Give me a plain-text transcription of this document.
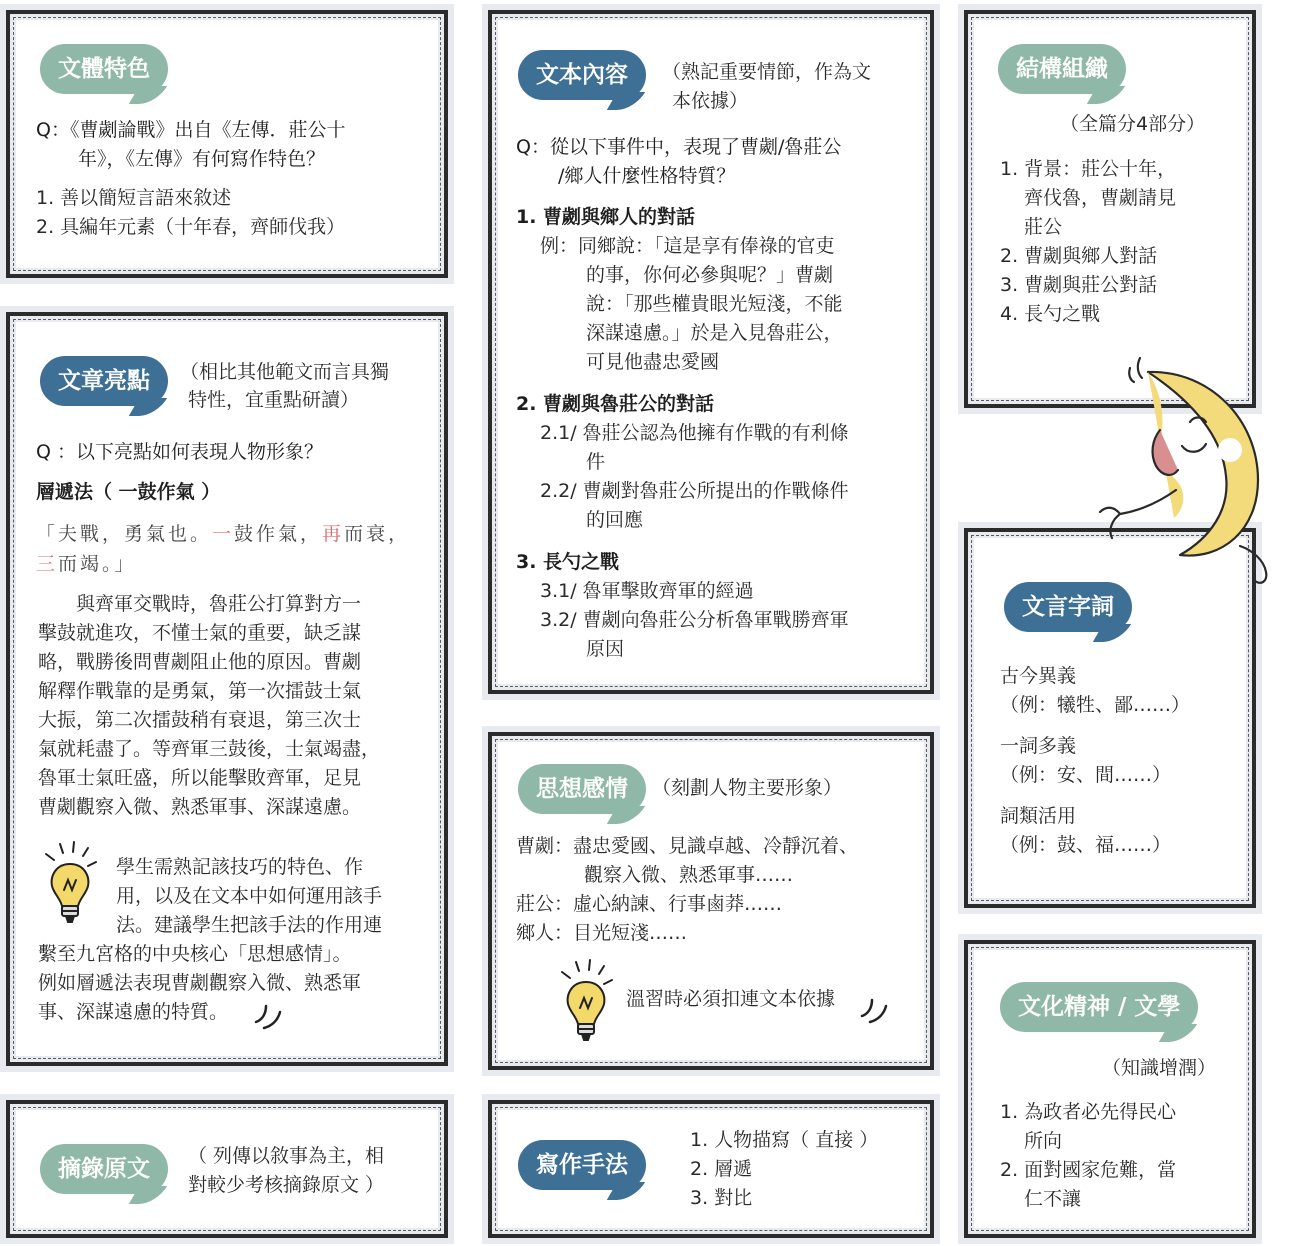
文體特色
Q：《曹劌論戰》出自《左傳．莊公十
年》，《左傳》有何寫作特色？
1. 善以簡短言語來敘述
2. 具編年元素（十年春，齊師伐我）
文章亮點	（相比其他範文而言具獨
特性，宜重點研讀）
Q ：以下亮點如何表現人物形象？
層遞法（ 一鼓作氣 ）
「夫戰，勇氣也。一鼓作氣，再而衰，
三而竭。」
與齊軍交戰時，魯莊公打算對方一
擊鼓就進攻，不懂士氣的重要，缺乏謀
略，戰勝後問曹劌阻止他的原因。曹劌
解釋作戰靠的是勇氣，第一次擂鼓士氣
大振，第二次擂鼓稍有衰退，第三次士
氣就耗盡了。等齊軍三鼓後，士氣竭盡，
魯軍士氣旺盛，所以能擊敗齊軍，足見
曹劌觀察入微、熟悉軍事、深謀遠慮。
學生需熟記該技巧的特色、作
用，以及在文本中如何運用該手
法。建議學生把該手法的作用連
繫至九宮格的中央核心「思想感情」。
例如層遞法表現曹劌觀察入微、熟悉軍
事、深謀遠慮的特質。
摘錄原文	（ 列傳以敘事為主，相
對較少考核摘錄原文 ）
文本內容	（熟記重要情節，作為文
本依據）
Q：從以下事件中，表現了曹劌/魯莊公
/鄉人什麼性格特質？
1. 曹劌與鄉人的對話
例：同鄉說：「這是享有俸祿的官吏
的事，你何必參與呢？」曹劌
說：「那些權貴眼光短淺，不能
深謀遠慮。」於是入見魯莊公，
可見他盡忠愛國
2. 曹劌與魯莊公的對話
2.1/ 魯莊公認為他擁有作戰的有利條
件
2.2/ 曹劌對魯莊公所提出的作戰條件
的回應
3. 長勺之戰
3.1/ 魯軍擊敗齊軍的經過
3.2/ 曹劌向魯莊公分析魯軍戰勝齊軍
原因
思想感情	（刻劃人物主要形象）
曹劌：盡忠愛國、見識卓越、冷靜沉着、
觀察入微、熟悉軍事……
莊公：虛心納諫、行事鹵莽……
鄉人：目光短淺……
溫習時必須扣連文本依據
寫作手法
1. 人物描寫（ 直接 ）
2. 層遞
3. 對比
結構組織
（全篇分4部分）
1. 背景：莊公十年，
齊伐魯，曹劌請見
莊公
2. 曹劌與鄉人對話
3. 曹劌與莊公對話
4. 長勺之戰
文言字詞
古今異義
（例：犧牲、鄙……）
一詞多義
（例：安、間……）
詞類活用
（例：鼓、福……）
文化精神 / 文學
（知識增潤）
1. 為政者必先得民心
所向
2. 面對國家危難，當
仁不讓
